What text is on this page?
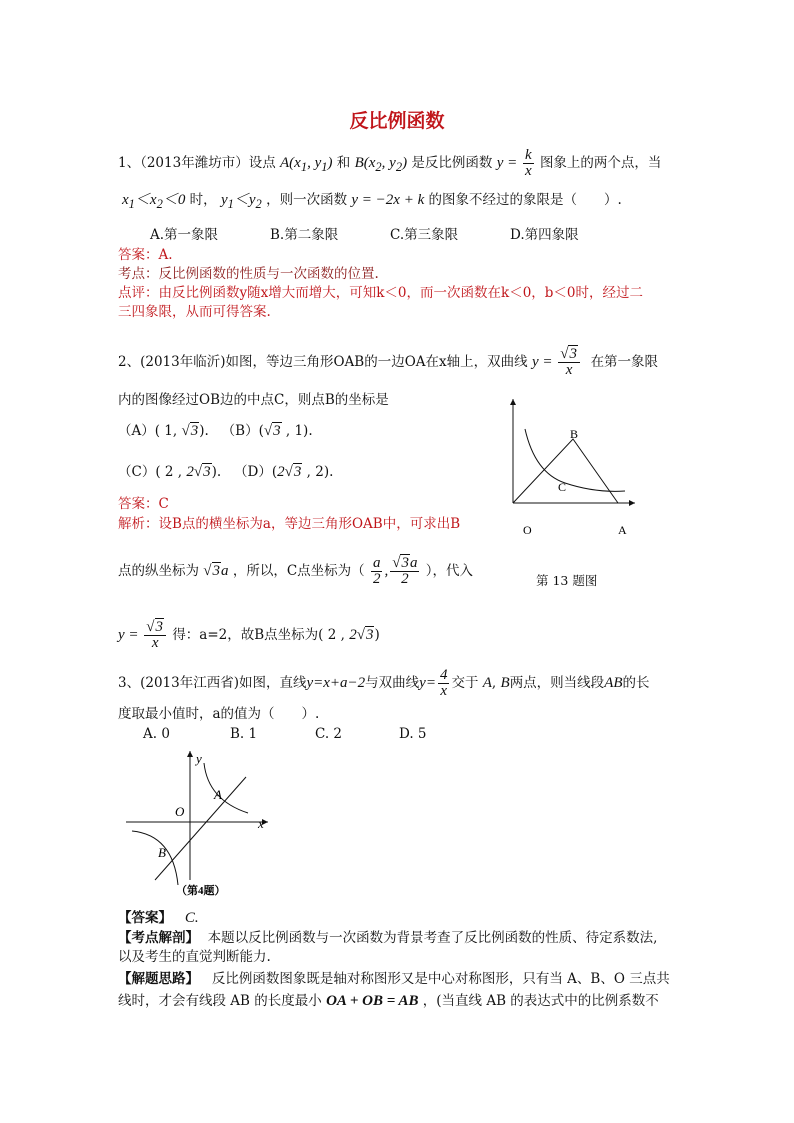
反比例函数
1、（2013年潍坊市）设点 $A(x_1$, $y_1$) 和 $B(x_2$, $y_2$) 是反比例函数 $y = \frac{k}{x}$ 图象上的两个点，当
$x_1<x_2<0$ 时， $y_1<y_2$ ，则一次函数 y = −2x + k 的图象不经过的象限是（　　）.
A.第一象限	B.第二象限	C.第三象限	D.第四象限
答案：A.
考点：反比例函数的性质与一次函数的位置.
点评：由反比例函数y随x增大而增大，可知k＜0，而一次函数在k＜0，b＜0时，经过二
三四象限，从而可得答案.
2、(2013年临沂)如图，等边三角形OAB的一边OA在x轴上，双曲线 $y = \frac{√3}{x}$ 在第一象限
内的图像经过OB边的中点C，则点B的坐标是
（A）( 1, √3).   （B）(√3 , 1).
（C）( 2 , 2√3).   （D）(2√3 , 2).
答案：C
解析：设B点的横坐标为a，等边三角形OAB中，可求出B
点的纵坐标为 √3a ，所以，C点坐标为（ $\frac{a}{2}$ , $\frac{√3a}{2}$ ），代入
$y = \frac{√3}{x}$ 得：a=2，故B点坐标为( 2 , 2√3)
B
C
O	A
第 13 题图
3、(2013年江西省)如图，直线y=x+a−2与双曲线$y= \frac{4}{x}$ 交于 A, B两点，则当线段AB的长
度取最小值时，a的值为（　　）.
A. 0	B. 1	C. 2	D. 5
y
x
O
A
B
（第4题）
【答案】 C.
【考点解剖】 本题以反比例函数与一次函数为背景考查了反比例函数的性质、待定系数法,
以及考生的直觉判断能力.
【解题思路】 反比例函数图象既是轴对称图形又是中心对称图形，只有当 A、B、O 三点共
线时，才会有线段 AB 的长度最小 OA + OB = AB ，(当直线 AB 的表达式中的比例系数不
